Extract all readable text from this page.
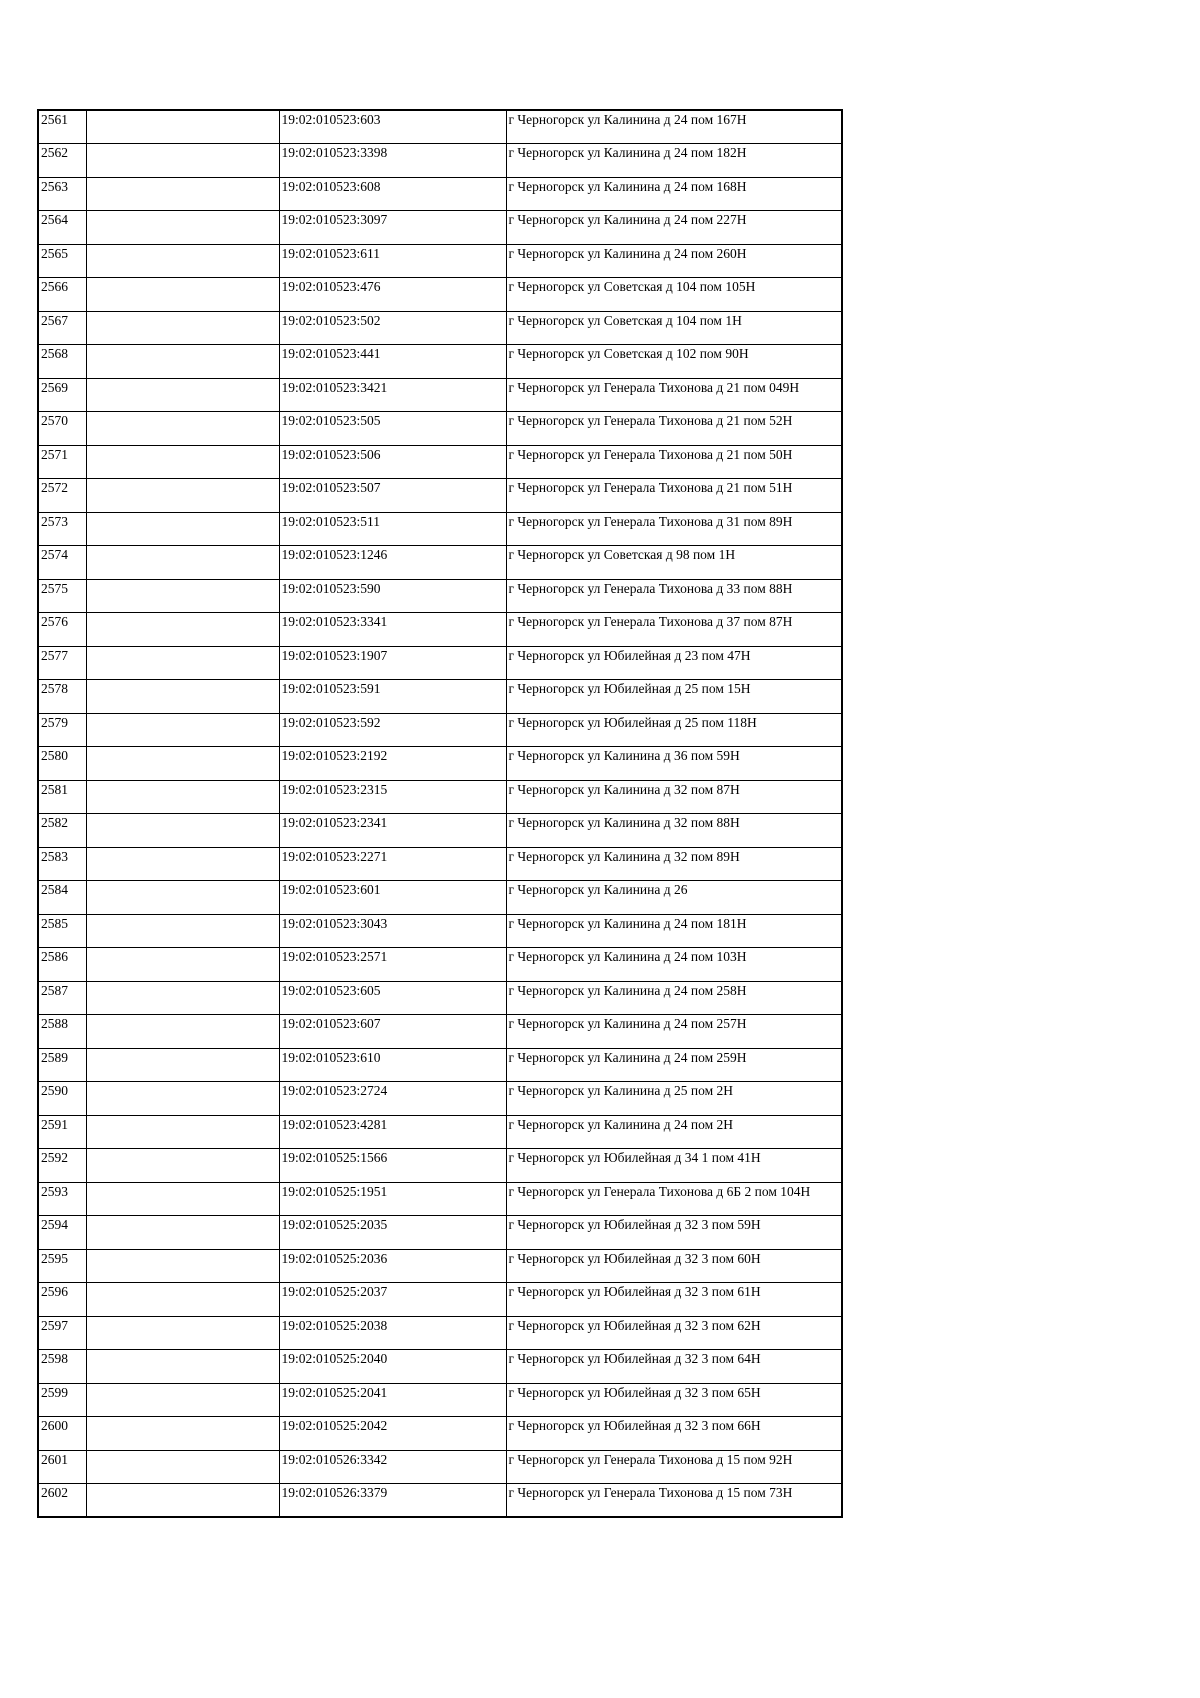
2561		19:02:010523:603	г Черногорск ул Калинина д 24 пом 167Н
2562		19:02:010523:3398	г Черногорск ул Калинина д 24 пом 182Н
2563		19:02:010523:608	г Черногорск ул Калинина д 24 пом 168Н
2564		19:02:010523:3097	г Черногорск ул Калинина д 24 пом 227Н
2565		19:02:010523:611	г Черногорск ул Калинина д 24 пом 260Н
2566		19:02:010523:476	г Черногорск ул Советская д 104 пом 105Н
2567		19:02:010523:502	г Черногорск ул Советская д 104 пом 1Н
2568		19:02:010523:441	г Черногорск ул Советская д 102 пом 90Н
2569		19:02:010523:3421	г Черногорск ул Генерала Тихонова д 21 пом 049Н
2570		19:02:010523:505	г Черногорск ул Генерала Тихонова д 21 пом 52Н
2571		19:02:010523:506	г Черногорск ул Генерала Тихонова д 21 пом 50Н
2572		19:02:010523:507	г Черногорск ул Генерала Тихонова д 21 пом 51Н
2573		19:02:010523:511	г Черногорск ул Генерала Тихонова д 31 пом 89Н
2574		19:02:010523:1246	г Черногорск ул Советская д 98 пом 1Н
2575		19:02:010523:590	г Черногорск ул Генерала Тихонова д 33 пом 88Н
2576		19:02:010523:3341	г Черногорск ул Генерала Тихонова д 37 пом 87Н
2577		19:02:010523:1907	г Черногорск ул Юбилейная д 23 пом 47Н
2578		19:02:010523:591	г Черногорск ул Юбилейная д 25 пом 15Н
2579		19:02:010523:592	г Черногорск ул Юбилейная д 25 пом 118Н
2580		19:02:010523:2192	г Черногорск ул Калинина д 36 пом 59Н
2581		19:02:010523:2315	г Черногорск ул Калинина д 32 пом 87Н
2582		19:02:010523:2341	г Черногорск ул Калинина д 32 пом 88Н
2583		19:02:010523:2271	г Черногорск ул Калинина д 32 пом 89Н
2584		19:02:010523:601	г Черногорск ул Калинина д 26
2585		19:02:010523:3043	г Черногорск ул Калинина д 24 пом 181Н
2586		19:02:010523:2571	г Черногорск ул Калинина д 24 пом 103Н
2587		19:02:010523:605	г Черногорск ул Калинина д 24 пом 258Н
2588		19:02:010523:607	г Черногорск ул Калинина д 24 пом 257Н
2589		19:02:010523:610	г Черногорск ул Калинина д 24 пом 259Н
2590		19:02:010523:2724	г Черногорск ул Калинина д 25 пом 2Н
2591		19:02:010523:4281	г Черногорск ул Калинина д 24 пом 2Н
2592		19:02:010525:1566	г Черногорск ул Юбилейная д 34 1 пом 41Н
2593		19:02:010525:1951	г Черногорск ул Генерала Тихонова д 6Б 2 пом 104Н
2594		19:02:010525:2035	г Черногорск ул Юбилейная д 32 3 пом 59Н
2595		19:02:010525:2036	г Черногорск ул Юбилейная д 32 3 пом 60Н
2596		19:02:010525:2037	г Черногорск ул Юбилейная д 32 3 пом 61Н
2597		19:02:010525:2038	г Черногорск ул Юбилейная д 32 3 пом 62Н
2598		19:02:010525:2040	г Черногорск ул Юбилейная д 32 3 пом 64Н
2599		19:02:010525:2041	г Черногорск ул Юбилейная д 32 3 пом 65Н
2600		19:02:010525:2042	г Черногорск ул Юбилейная д 32 3 пом 66Н
2601		19:02:010526:3342	г Черногорск ул Генерала Тихонова д 15 пом 92Н
2602		19:02:010526:3379	г Черногорск ул Генерала Тихонова д 15 пом 73Н
